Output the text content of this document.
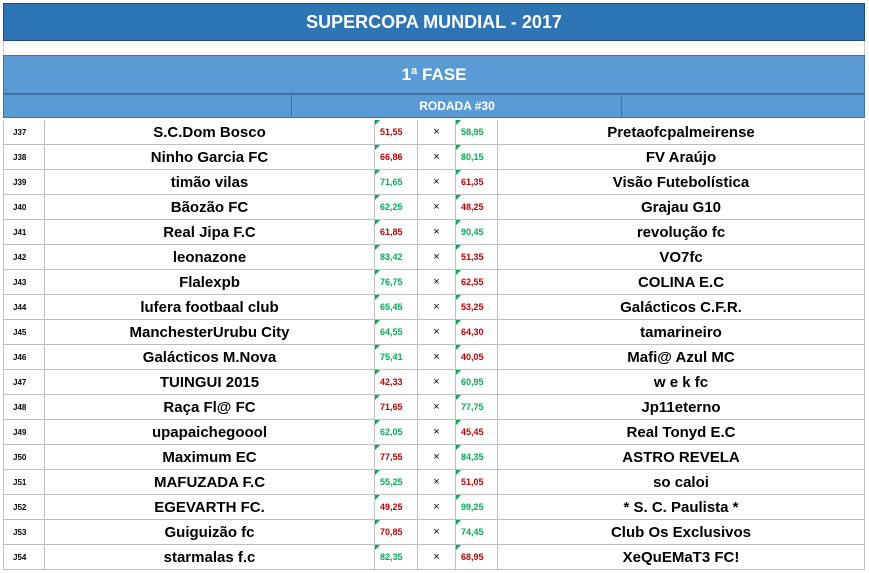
SUPERCOPA MUNDIAL - 2017
1ª FASE
RODADA #30
J37	S.C.Dom Bosco	51,55	×	58,95	Pretaofcpalmeirense
J38	Ninho Garcia FC	66,86	×	80,15	FV Araújo
J39	timão vilas	71,65	×	61,35	Visão Futebolística
J40	Bãozão FC	62,25	×	48,25	Grajau G10
J41	Real Jipa F.C	61,85	×	90,45	revolução fc
J42	leonazone	83,42	×	51,35	VO7fc
J43	Flalexpb	76,75	×	62,55	COLINA E.C
J44	lufera footbaal club	65,45	×	53,25	Galácticos C.F.R.
J45	ManchesterUrubu City	64,55	×	64,30	tamarineiro
J46	Galácticos M.Nova	75,41	×	40,05	Mafi@ Azul MC
J47	TUINGUI 2015	42,33	×	60,95	w e k fc
J48	Raça Fl@ FC	71,65	×	77,75	Jp11eterno
J49	upapaichegoool	62,05	×	45,45	Real Tonyd E.C
J50	Maximum EC	77,55	×	84,35	ASTRO REVELA
J51	MAFUZADA F.C	55,25	×	51,05	so caloi
J52	EGEVARTH FC.	49,25	×	99,25	* S. C. Paulista *
J53	Guiguizão fc	70,85	×	74,45	Club Os Exclusivos
J54	starmalas f.c	82,35	×	68,95	XeQuEMaT3 FC!
